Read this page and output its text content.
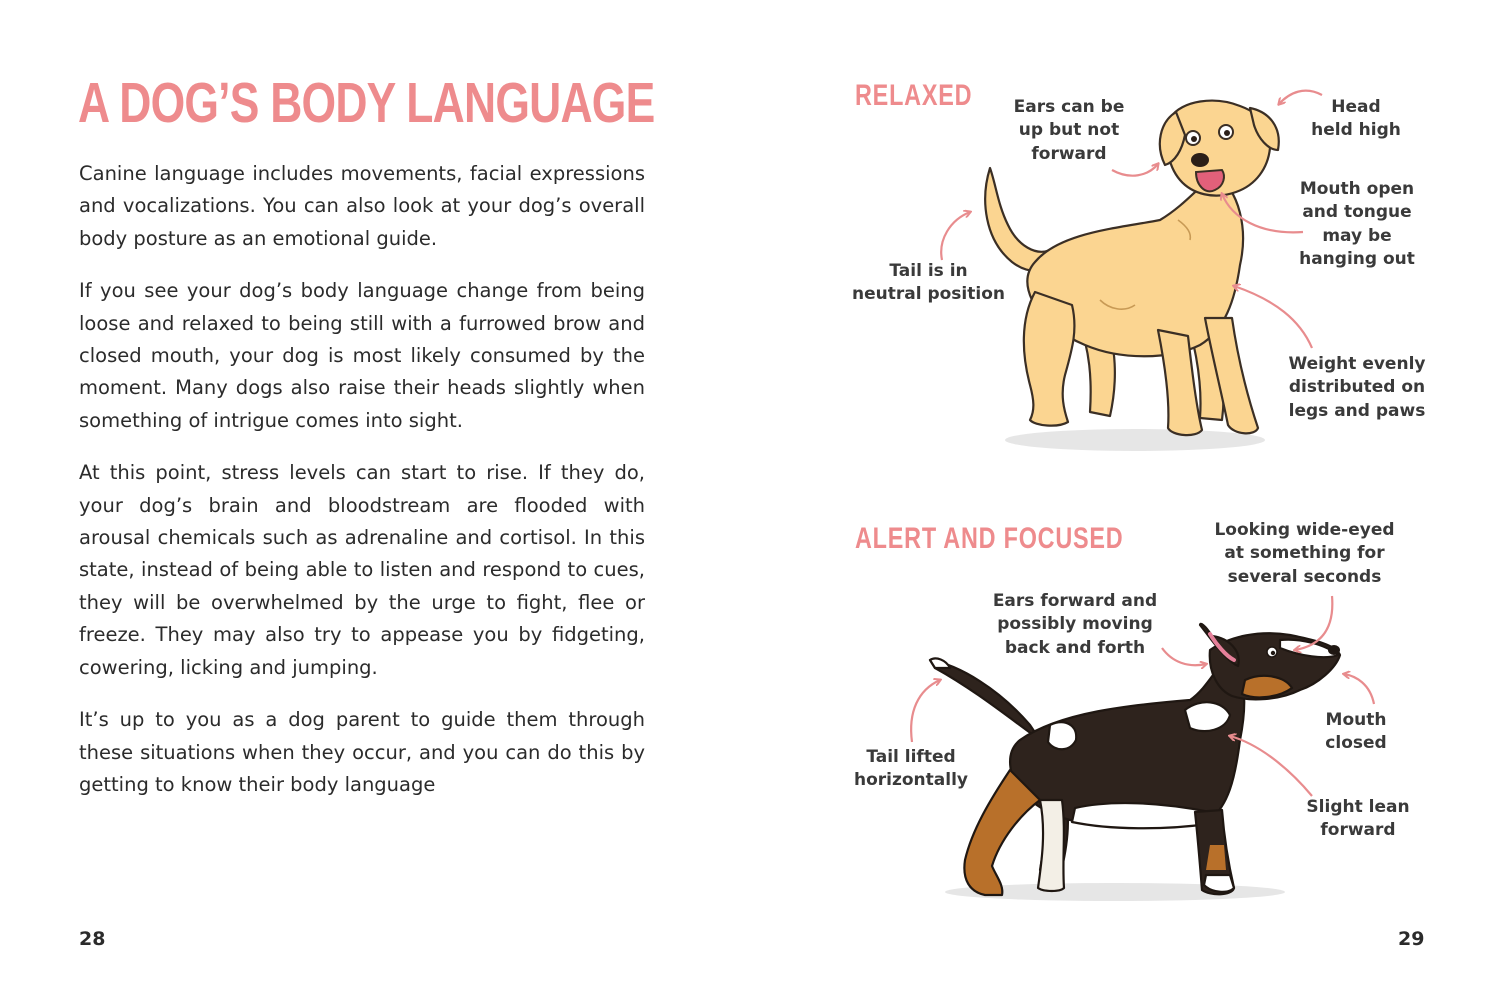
A DOG’S BODY LANGUAGE

Canine language includes movements, facial expressions and vocalizations. You can also look at your dog’s overall body posture as an emotional guide.

If you see your dog’s body language change from being loose and relaxed to being still with a furrowed brow and closed mouth, your dog is most likely consumed by the moment. Many dogs also raise their heads slightly when something of intrigue comes into sight.

At this point, stress levels can start to rise. If they do, your dog’s brain and bloodstream are flooded with arousal chemicals such as adrenaline and cortisol. In this state, instead of being able to listen and respond to cues, they will be overwhelmed by the urge to fight, flee or freeze. They may also try to appease you by fidgeting, cowering, licking and jumping.

It’s up to you as a dog parent to guide them through these situations when they occur, and you can do this by getting to know their body language

28
RELAXED
ALERT AND FOCUSED
Ears can be
up but not
forward
Head
held high
Mouth open
and tongue
may be
hanging out
Tail is in
neutral position
Weight evenly
distributed on
legs and paws
Looking wide-eyed
at something for
several seconds
Ears forward and
possibly moving
back and forth
Tail lifted
horizontally
Mouth
closed
Slight lean
forward
29
